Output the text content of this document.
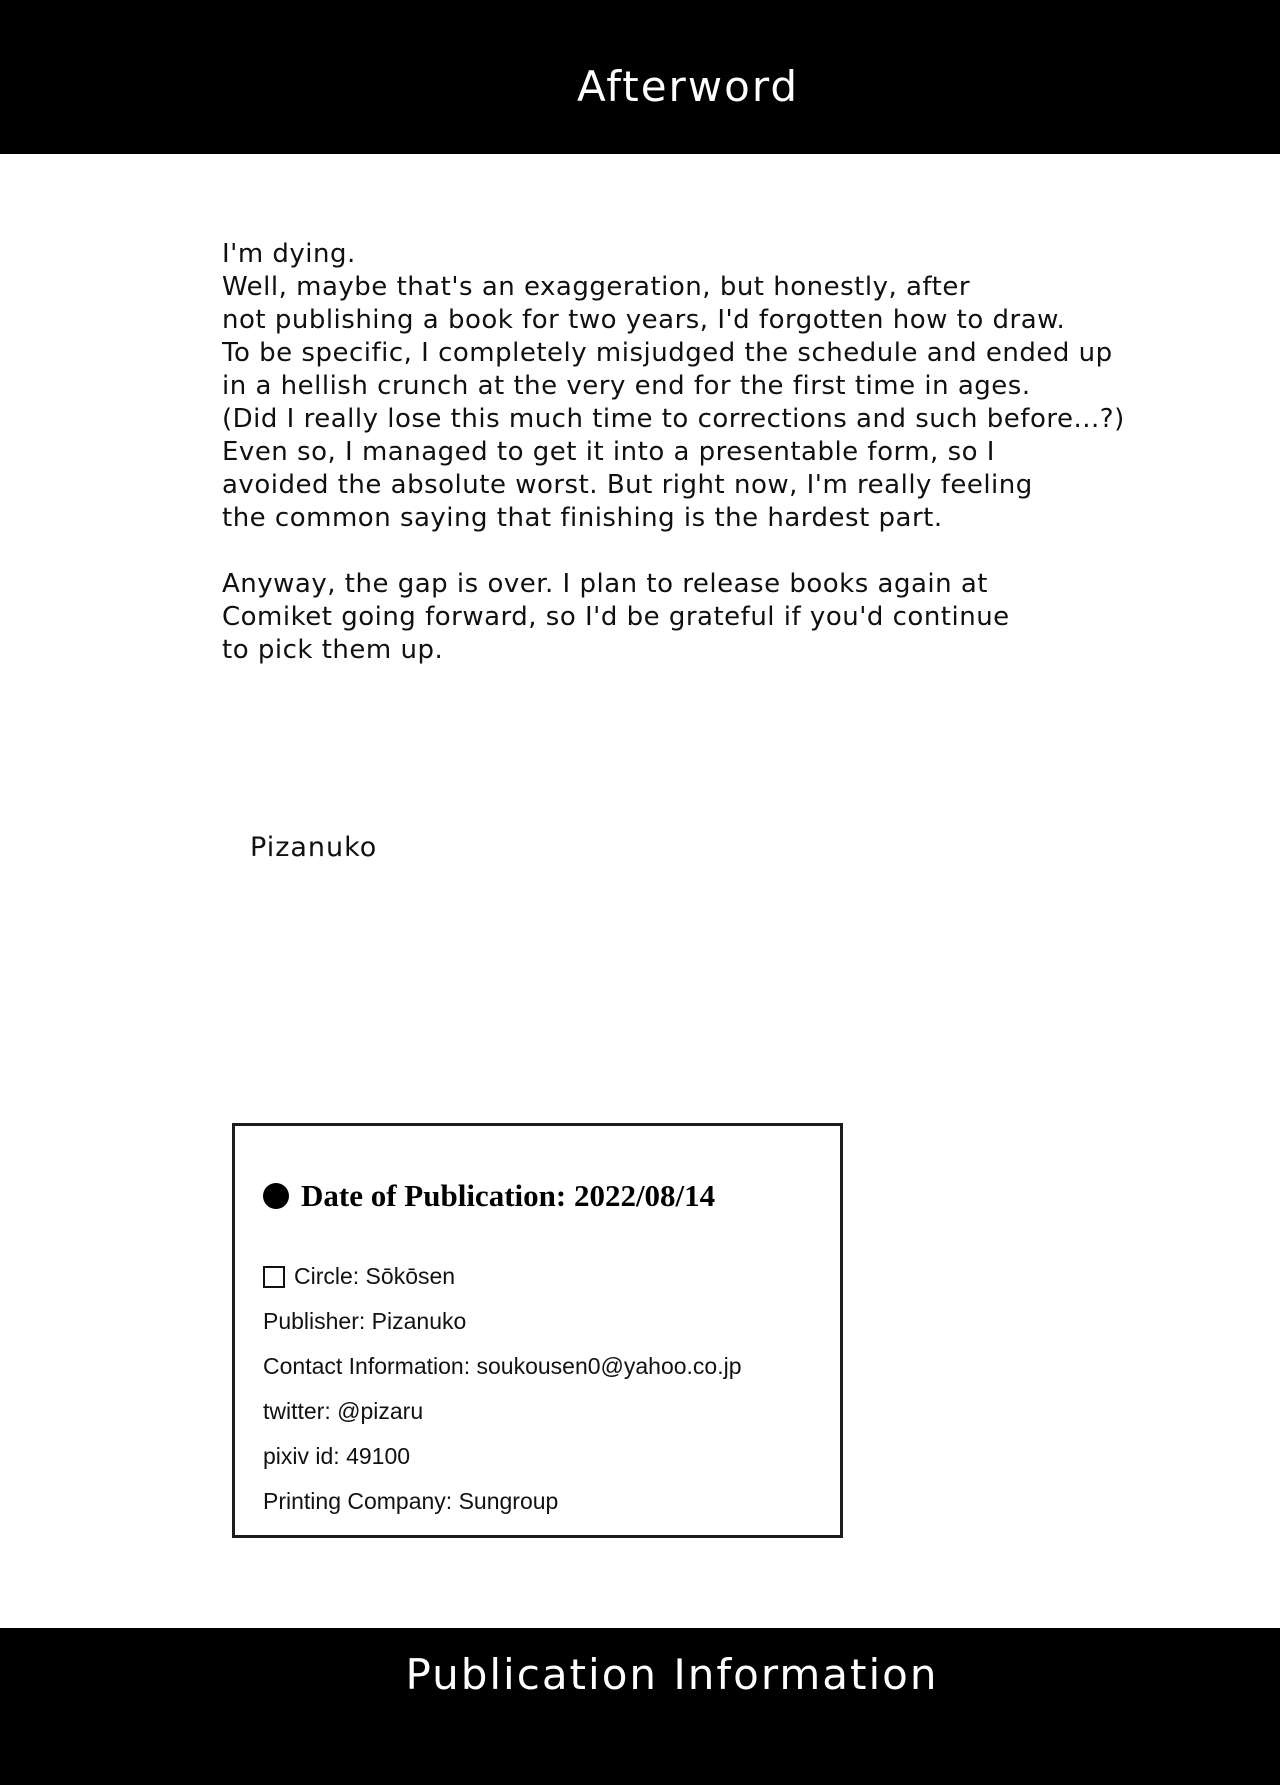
Afterword
I'm dying.
Well, maybe that's an exaggeration, but honestly, after
not publishing a book for two years, I'd forgotten how to draw.
To be specific, I completely misjudged the schedule and ended up
in a hellish crunch at the very end for the first time in ages.
(Did I really lose this much time to corrections and such before...?)
Even so, I managed to get it into a presentable form, so I
avoided the absolute worst. But right now, I'm really feeling
the common saying that finishing is the hardest part.
Anyway, the gap is over. I plan to release books again at
Comiket going forward, so I'd be grateful if you'd continue
to pick them up.
Pizanuko
Date of Publication: 2022/08/14
Circle: Sōkōsen
Publisher: Pizanuko
Contact Information: soukousen0@yahoo.co.jp
twitter: @pizaru
pixiv id: 49100
Printing Company: Sungroup
Publication Information
